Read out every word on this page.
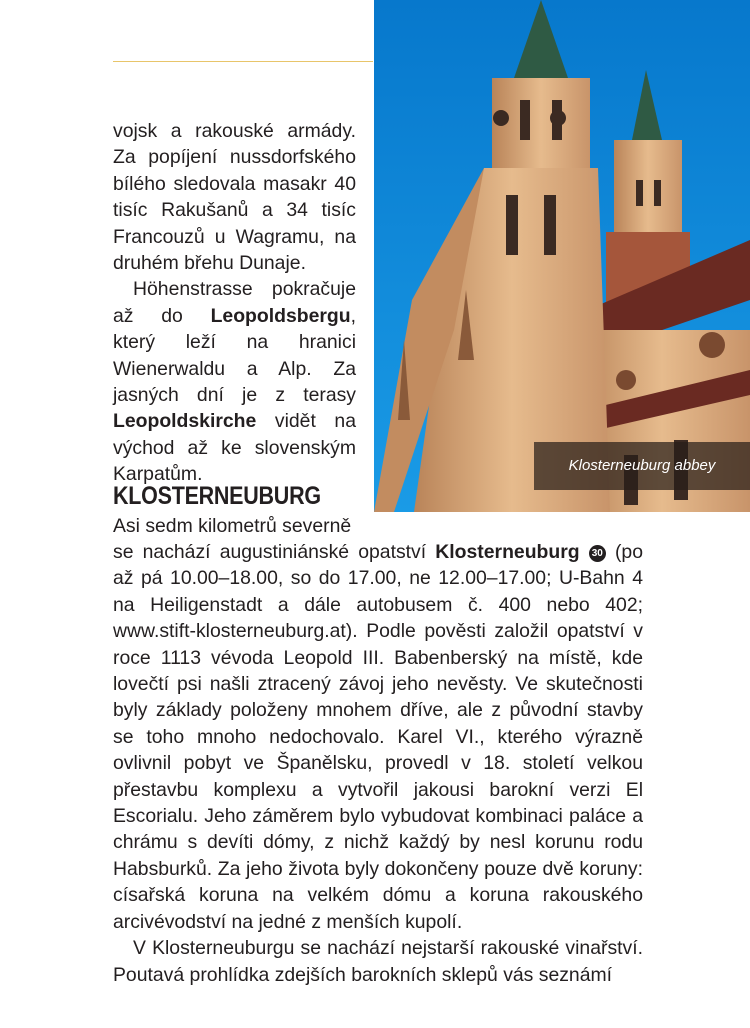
Klosterneuburg abbey

vojsk a rakouské armády. Za popíjení nussdorfského bílého sledovala masakr 40 tisíc Rakušanů a 34 tisíc Francouzů u Wagramu, na druhém břehu Dunaje.

Höhenstrasse pokračuje až do Leopoldsbergu, který leží na hranici Wienerwaldu a Alp. Za jasných dní je z terasy Leopoldskirche vidět na východ až ke slovenským Karpatům.

KLOSTERNEUBURG
Asi sedm kilometrů severně

se nachází augustiniánské opatství Klosterneuburg 30 (po až pá 10.00–18.00, so do 17.00, ne 12.00–17.00; U-Bahn 4 na Heiligenstadt a dále autobusem č. 400 nebo 402; www.stift-klosterneuburg.at). Podle pověsti založil opatství v roce 1113 vévoda Leopold III. Babenberský na místě, kde lovečtí psi našli ztracený závoj jeho nevěsty. Ve skutečnosti byly základy položeny mnohem dříve, ale z původní stavby se toho mnoho nedochovalo. Karel VI., kterého výrazně ovlivnil pobyt ve Španělsku, provedl v 18. století velkou přestavbu komplexu a vytvořil jakousi barokní verzi El Escorialu. Jeho záměrem bylo vybudovat kombinaci paláce a chrámu s devíti dómy, z nichž každý by nesl korunu rodu Habsburků. Za jeho života byly dokončeny pouze dvě koruny: císařská koruna na velkém dómu a koruna rakouského arcivévodství na jedné z menších kupolí.

V Klosterneuburgu se nachází nejstarší rakouské vinařství. Poutavá prohlídka zdejších barokních sklepů vás seznámí
